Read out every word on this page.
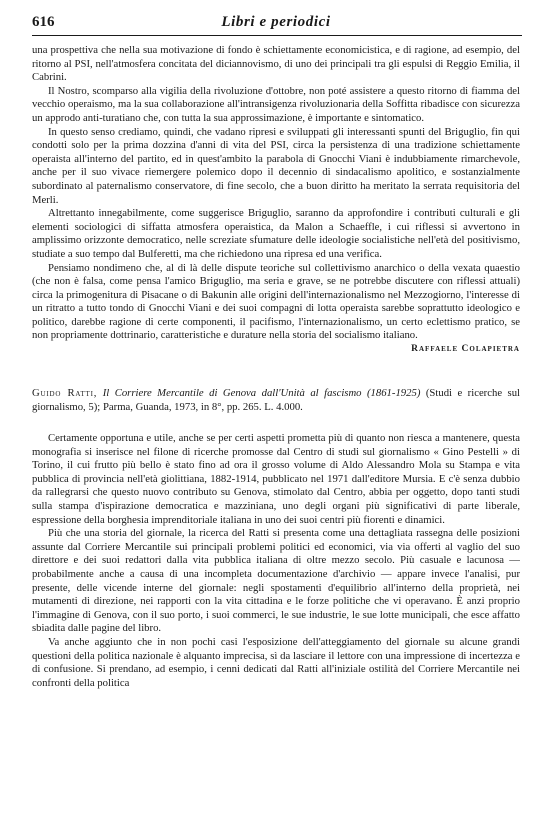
616	Libri e periodici

una prospettiva che nella sua motivazione di fondo è schiettamente economicistica, e di ragione, ad esempio, del ritorno al PSI, nell'atmosfera concitata del diciannovismo, di uno dei principali tra gli espulsi di Reggio Emilia, il Cabrini.

Il Nostro, scomparso alla vigilia della rivoluzione d'ottobre, non poté assistere a questo ritorno di fiamma del vecchio operaismo, ma la sua collaborazione all'intransigenza rivoluzionaria della Soffitta ribadisce con sicurezza un approdo anti-turatiano che, con tutta la sua approssimazione, è importante e sintomatico.

In questo senso crediamo, quindi, che vadano ripresi e sviluppati gli interessanti spunti del Briguglio, fin qui condotti solo per la prima dozzina d'anni di vita del PSI, circa la persistenza di una tradizione schiettamente operaista all'interno del partito, ed in quest'ambito la parabola di Gnocchi Viani è indubbiamente rimarchevole, anche per il suo vivace riemergere polemico dopo il decennio di sindacalismo apolitico, e sostanzialmente subordinato al paternalismo conservatore, di fine secolo, che a buon diritto ha meritato la serrata requisitoria del Merli.

Altrettanto innegabilmente, come suggerisce Briguglio, saranno da approfondire i contributi culturali e gli elementi sociologici di siffatta atmosfera operaistica, da Malon a Schaeffle, i cui riflessi si avvertono in amplissimo orizzonte democratico, nelle screziate sfumature delle ideologie socialistiche nell'età del positivismo, studiate a suo tempo dal Bulferetti, ma che richiedono una ripresa ed una verifica.

Pensiamo nondimeno che, al di là delle dispute teoriche sul collettivismo anarchico o della vexata quaestio (che non è falsa, come pensa l'amico Briguglio, ma seria e grave, se ne potrebbe discutere con riflessi attuali) circa la primogenitura di Pisacane o di Bakunin alle origini dell'internazionalismo nel Mezzogiorno, l'interesse di un ritratto a tutto tondo di Gnocchi Viani e dei suoi compagni di lotta operaista sarebbe soprattutto ideologico e politico, darebbe ragione di certe componenti, il pacifismo, l'internazionalismo, un certo eclettismo pratico, se non propriamente dottrinario, caratteristiche e durature nella storia del socialismo italiano.

Raffaele Colapietra
Guido Ratti, Il Corriere Mercantile di Genova dall'Unità al fascismo (1861-1925) (Studi e ricerche sul giornalismo, 5); Parma, Guanda, 1973, in 8°, pp. 265. L. 4.000.

Certamente opportuna e utile, anche se per certi aspetti prometta più di quanto non riesca a mantenere, questa monografia si inserisce nel filone di ricerche promosse dal Centro di studi sul giornalismo « Gino Pestelli » di Torino, il cui frutto più bello è stato fino ad ora il grosso volume di Aldo Alessandro Mola su Stampa e vita pubblica di provincia nell'età giolittiana, 1882-1914, pubblicato nel 1971 dall'editore Mursia. E c'è senza dubbio da rallegrarsi che questo nuovo contributo su Genova, stimolato dal Centro, abbia per oggetto, dopo tanti studi sulla stampa d'ispirazione democratica e mazziniana, uno degli organi più significativi di parte liberale, espressione della borghesia imprenditoriale italiana in uno dei suoi centri più fiorenti e dinamici.

Più che una storia del giornale, la ricerca del Ratti si presenta come una dettagliata rassegna delle posizioni assunte dal Corriere Mercantile sui principali problemi politici ed economici, via via offerti al vaglio del suo direttore e dei suoi redattori dalla vita pubblica italiana di oltre mezzo secolo. Più casuale e lacunosa — probabilmente anche a causa di una incompleta documentazione d'archivio — appare invece l'analisi, pur presente, delle vicende interne del giornale: negli spostamenti d'equilibrio all'interno della proprietà, nei mutamenti di direzione, nei rapporti con la vita cittadina e le forze politiche che vi operavano. È anzi proprio l'immagine di Genova, con il suo porto, i suoi commerci, le sue industrie, le sue lotte municipali, che esce affatto sbiadita dalle pagine del libro.

Va anche aggiunto che in non pochi casi l'esposizione dell'atteggiamento del giornale su alcune grandi questioni della politica nazionale è alquanto imprecisa, sì da lasciare il lettore con una impressione di incertezza e di confusione. Si prendano, ad esempio, i cenni dedicati dal Ratti all'iniziale ostilità del Corriere Mercantile nei confronti della politica
